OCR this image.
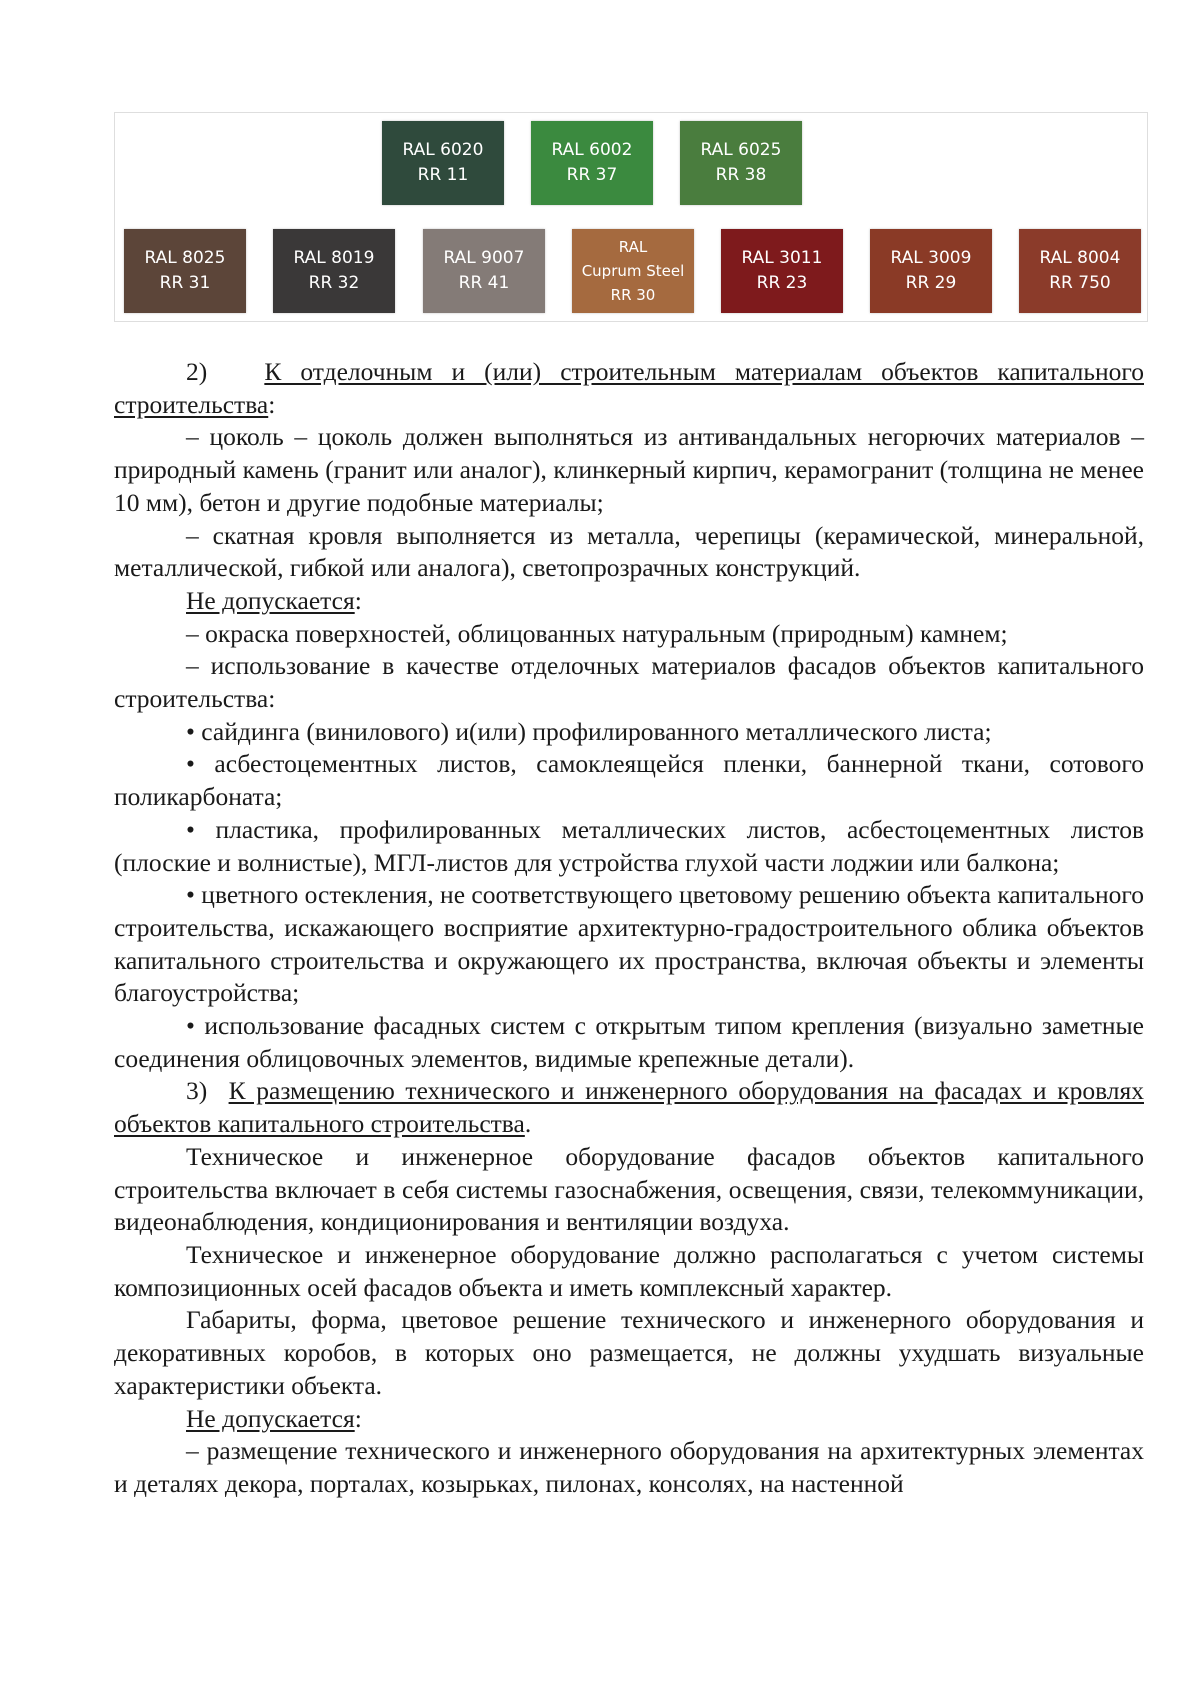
RAL 6020
RR 11
RAL 6002
RR 37
RAL 6025
RR 38
RAL 8025
RR 31
RAL 8019
RR 32
RAL 9007
RR 41
RAL
Cuprum Steel
RR 30
RAL 3011
RR 23
RAL 3009
RR 29
RAL 8004
RR 750

2) К отделочным и (или) строительным материалам объектов капитального строительства:

– цоколь – цоколь должен выполняться из антивандальных негорючих материалов – природный камень (гранит или аналог), клинкерный кирпич, керамогранит (толщина не менее 10 мм), бетон и другие подобные материалы;

– скатная кровля выполняется из металла, черепицы (керамической, минеральной, металлической, гибкой или аналога), светопрозрачных конструкций.

Не допускается:

– окраска поверхностей, облицованных натуральным (природным) камнем;

– использование в качестве отделочных материалов фасадов объектов капитального строительства:

• сайдинга (винилового) и(или) профилированного металлического листа;

• асбестоцементных листов, самоклеящейся пленки, баннерной ткани, сотового поликарбоната;

• пластика, профилированных металлических листов, асбестоцементных листов (плоские и волнистые), МГЛ-листов для устройства глухой части лоджии или балкона;

• цветного остекления, не соответствующего цветовому решению объекта капитального строительства, искажающего восприятие архитектурно-градостроительного облика объектов капитального строительства и окружающего их пространства, включая объекты и элементы благоустройства;

• использование фасадных систем с открытым типом крепления (визуально заметные соединения облицовочных элементов, видимые крепежные детали).

3) К размещению технического и инженерного оборудования на фасадах и кровлях объектов капитального строительства.

Техническое и инженерное оборудование фасадов объектов капитального строительства включает в себя системы газоснабжения, освещения, связи, телекоммуникации, видеонаблюдения, кондиционирования и вентиляции воздуха.

Техническое и инженерное оборудование должно располагаться с учетом системы композиционных осей фасадов объекта и иметь комплексный характер.

Габариты, форма, цветовое решение технического и инженерного оборудования и декоративных коробов, в которых оно размещается, не должны ухудшать визуальные характеристики объекта.

Не допускается:

– размещение технического и инженерного оборудования на архитектурных элементах и деталях декора, порталах, козырьках, пилонах, консолях, на настенной
